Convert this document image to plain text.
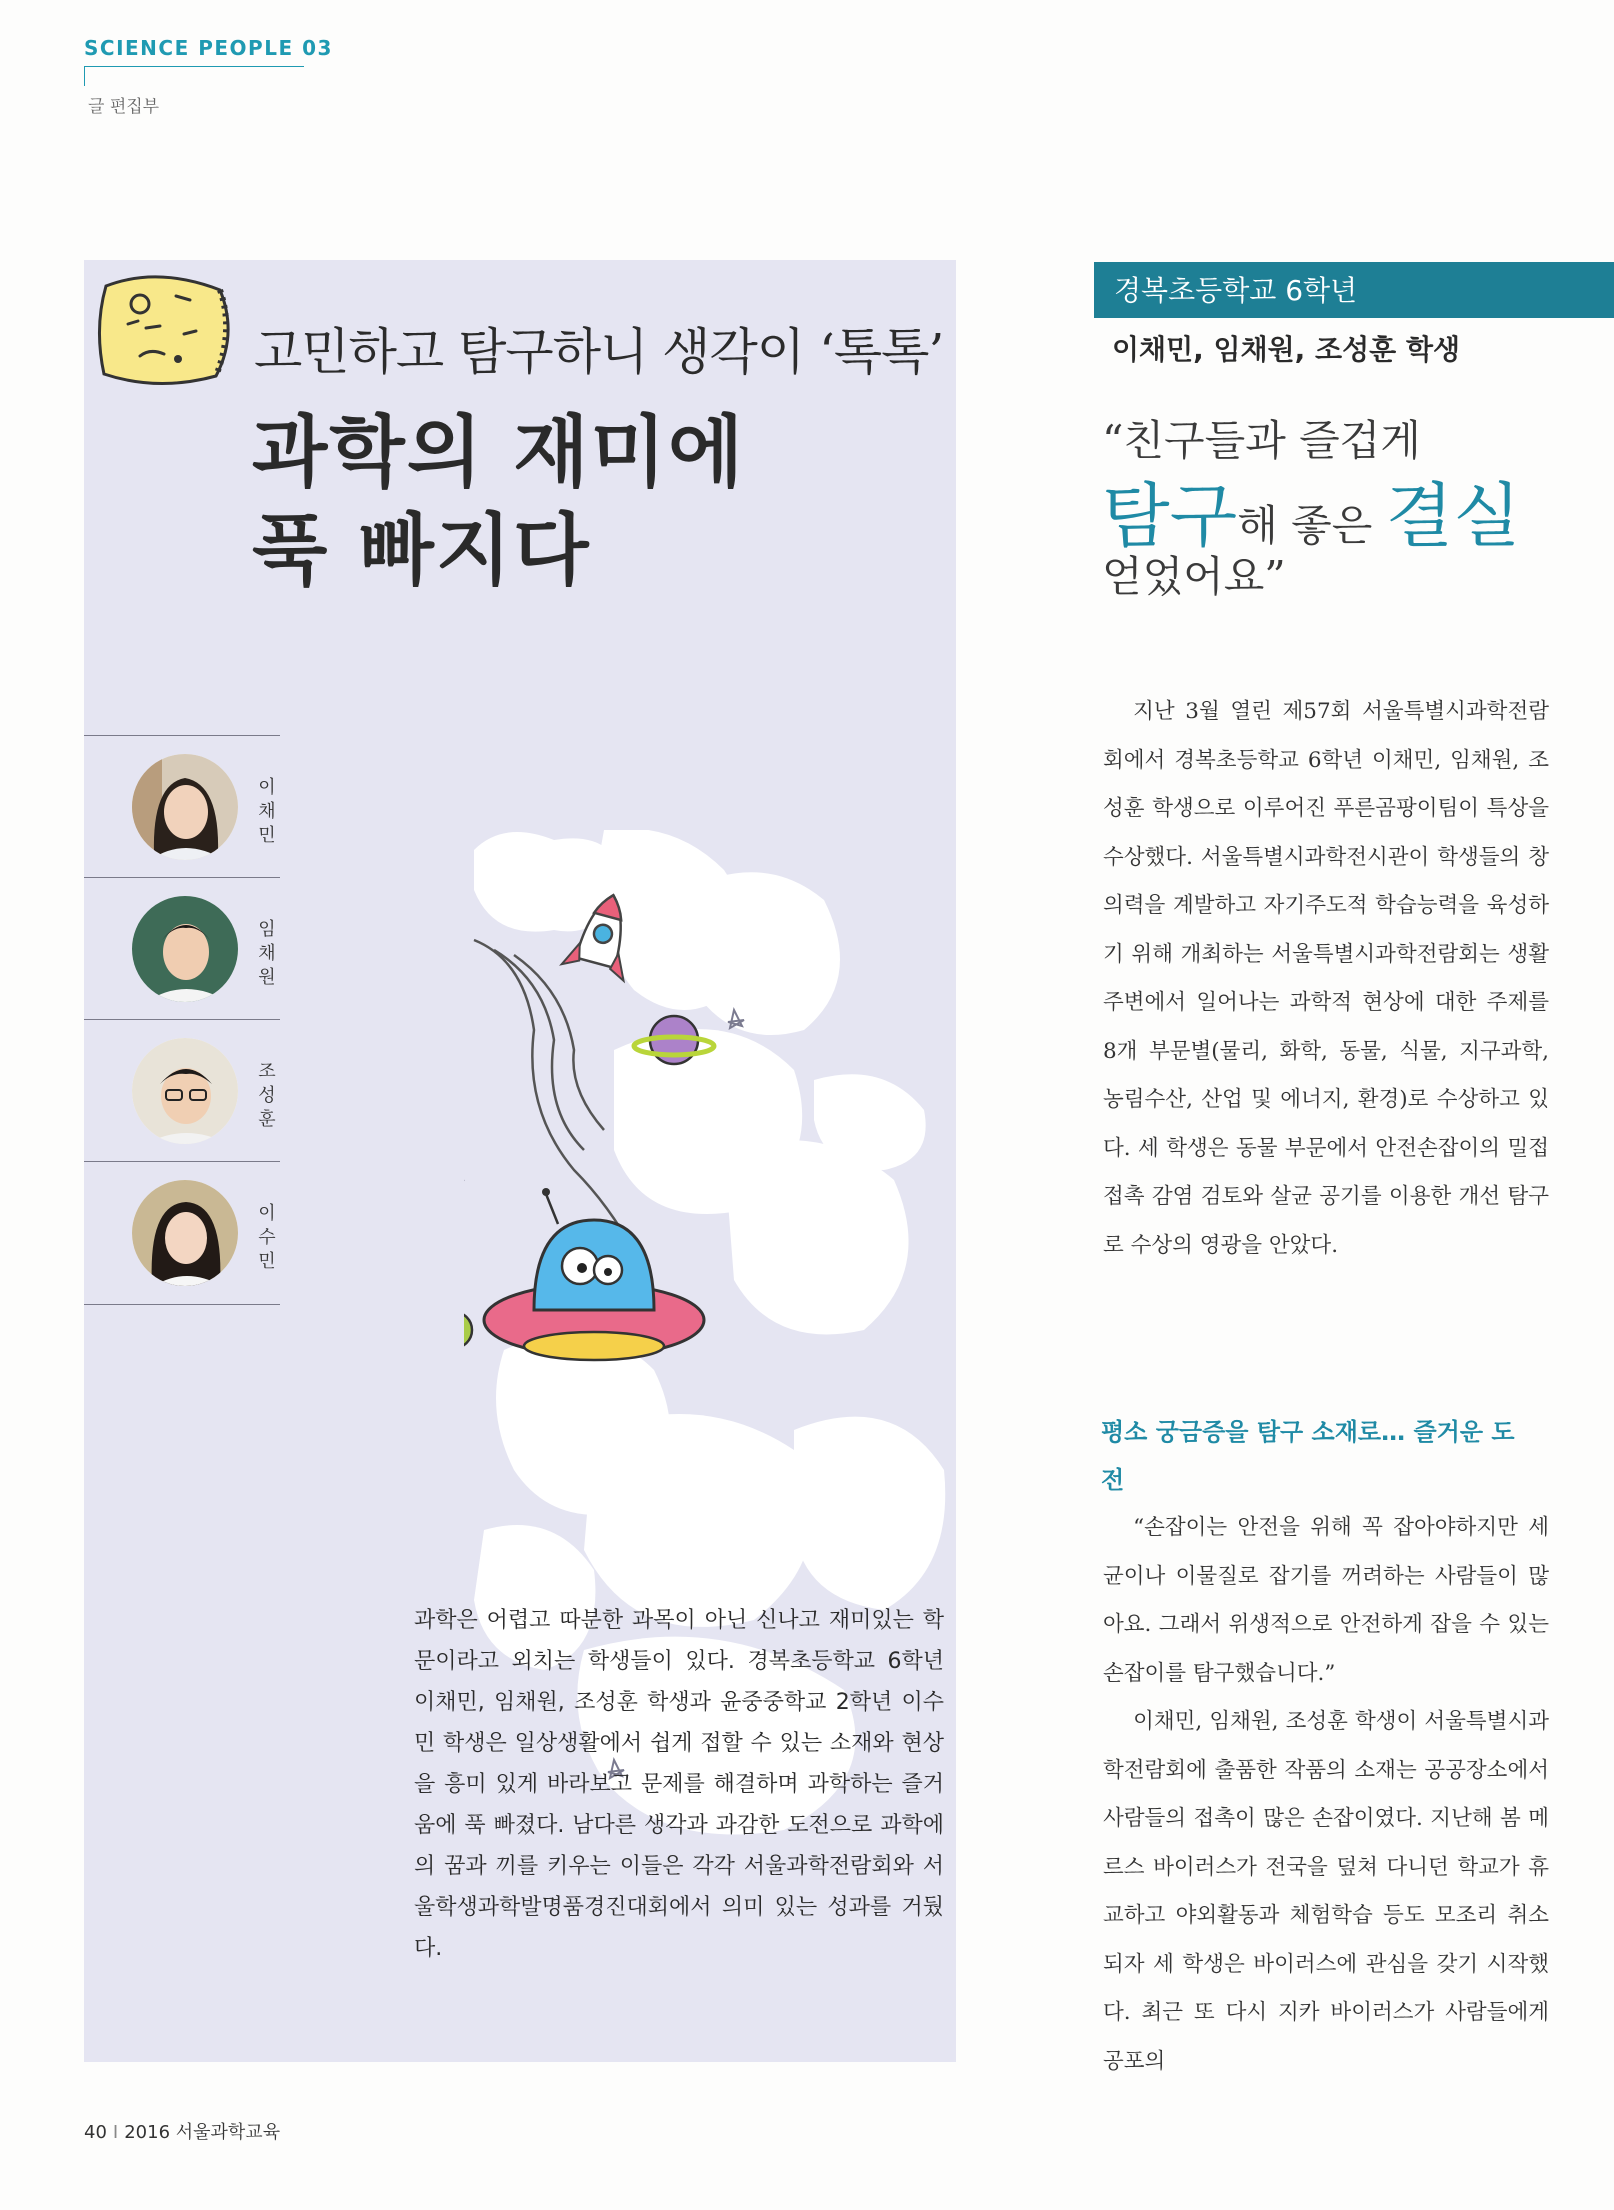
SCIENCE PEOPLE 03
글 편집부
고민하고 탐구하니 생각이 ‘톡톡’
과학의 재미에
푹 빠지다
이
채
민
임
채
원
조
성
훈
이
수
민
과학은 어렵고 따분한 과목이 아닌 신나고 재미있는 학문이라고 외치는 학생들이 있다. 경복초등학교 6학년 이채민, 임채원, 조성훈 학생과 윤중중학교 2학년 이수민 학생은 일상생활에서 쉽게 접할 수 있는 소재와 현상을 흥미 있게 바라보고 문제를 해결하며 과학하는 즐거움에 푹 빠졌다. 남다른 생각과 과감한 도전으로 과학에의 꿈과 끼를 키우는 이들은 각각 서울과학전람회와 서울학생과학발명품경진대회에서 의미 있는 성과를 거뒀다.
경복초등학교 6학년
이채민, 임채원, 조성훈 학생
“친구들과 즐겁게
탐구해 좋은 결실
얻었어요”
지난 3월 열린 제57회 서울특별시과학전람회에서 경복초등학교 6학년 이채민, 임채원, 조성훈 학생으로 이루어진 푸른곰팡이팀이 특상을 수상했다. 서울특별시과학전시관이 학생들의 창의력을 계발하고 자기주도적 학습능력을 육성하기 위해 개최하는 서울특별시과학전람회는 생활주변에서 일어나는 과학적 현상에 대한 주제를 8개 부문별(물리, 화학, 동물, 식물, 지구과학, 농림수산, 산업 및 에너지, 환경)로 수상하고 있다. 세 학생은 동물 부문에서 안전손잡이의 밀접 접촉 감염 검토와 살균 공기를 이용한 개선 탐구로 수상의 영광을 안았다.
평소 궁금증을 탐구 소재로… 즐거운 도전
“손잡이는 안전을 위해 꼭 잡아야하지만 세균이나 이물질로 잡기를 꺼려하는 사람들이 많아요. 그래서 위생적으로 안전하게 잡을 수 있는 손잡이를 탐구했습니다.”
이채민, 임채원, 조성훈 학생이 서울특별시과학전람회에 출품한 작품의 소재는 공공장소에서 사람들의 접촉이 많은 손잡이였다. 지난해 봄 메르스 바이러스가 전국을 덮쳐 다니던 학교가 휴교하고 야외활동과 체험학습 등도 모조리 취소되자 세 학생은 바이러스에 관심을 갖기 시작했다. 최근 또 다시 지카 바이러스가 사람들에게 공포의
40 I 2016 서울과학교육
